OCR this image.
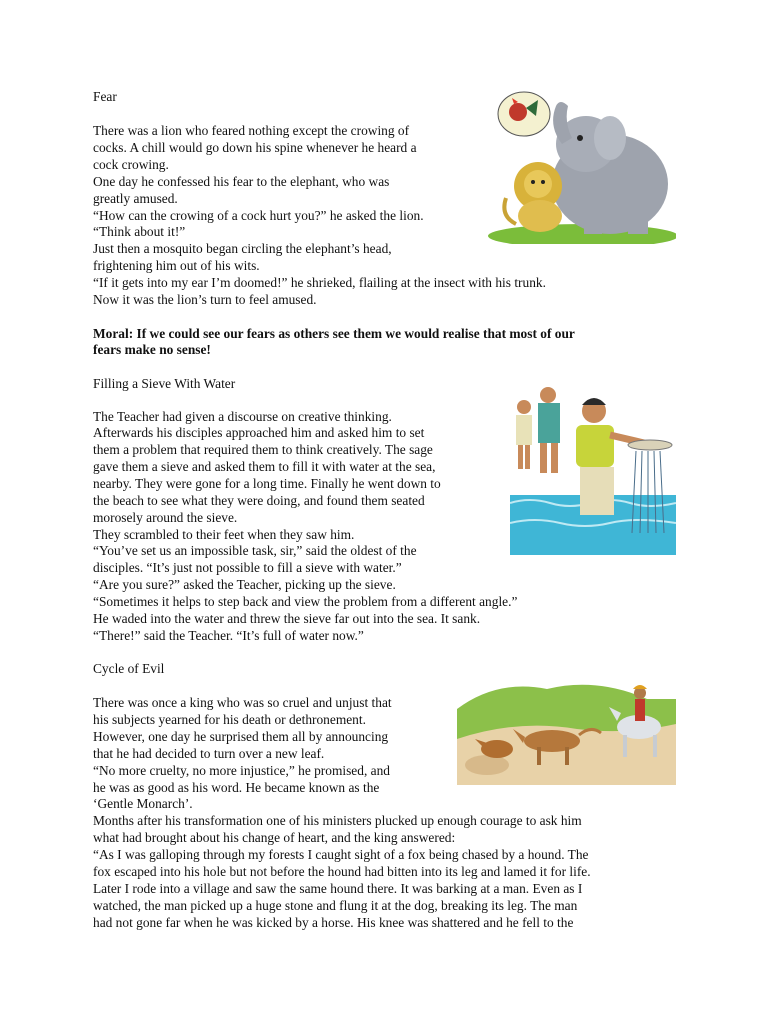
Fear
There was a lion who feared nothing except the crowing of
cocks. A chill would go down his spine whenever he heard a
cock crowing.
One day he confessed his fear to the elephant, who was
greatly amused.
“How can the crowing of a cock hurt you?” he asked the lion.
“Think about it!”
Just then a mosquito began circling the elephant’s head,
frightening him out of his wits.
“If it gets into my ear I’m doomed!” he shrieked, flailing at the insect with his trunk.
Now it was the lion’s turn to feel amused.
Moral: If we could see our fears as others see them we would realise that most of our
fears make no sense!
Filling a Sieve With Water
The Teacher had given a discourse on creative thinking.
Afterwards his disciples approached him and asked him to set
them a problem that required them to think creatively. The sage
gave them a sieve and asked them to fill it with water at the sea,
nearby. They were gone for a long time. Finally he went down to
the beach to see what they were doing, and found them seated
morosely around the sieve.
They scrambled to their feet when they saw him.
“You’ve set us an impossible task, sir,” said the oldest of the
disciples. “It’s just not possible to fill a sieve with water.”
“Are you sure?” asked the Teacher, picking up the sieve.
“Sometimes it helps to step back and view the problem from a different angle.”
He waded into the water and threw the sieve far out into the sea. It sank.
“There!” said the Teacher. “It’s full of water now.”
Cycle of Evil
There was once a king who was so cruel and unjust that
his subjects yearned for his death or dethronement.
However, one day he surprised them all by announcing
that he had decided to turn over a new leaf.
“No more cruelty, no more injustice,” he promised, and
he was as good as his word. He became known as the
‘Gentle Monarch’.
Months after his transformation one of his ministers plucked up enough courage to ask him
what had brought about his change of heart, and the king answered:
“As I was galloping through my forests I caught sight of a fox being chased by a hound. The
fox escaped into his hole but not before the hound had bitten into its leg and lamed it for life.
Later I rode into a village and saw the same hound there. It was barking at a man. Even as I
watched, the man picked up a huge stone and flung it at the dog, breaking its leg. The man
had not gone far when he was kicked by a horse. His knee was shattered and he fell to the
